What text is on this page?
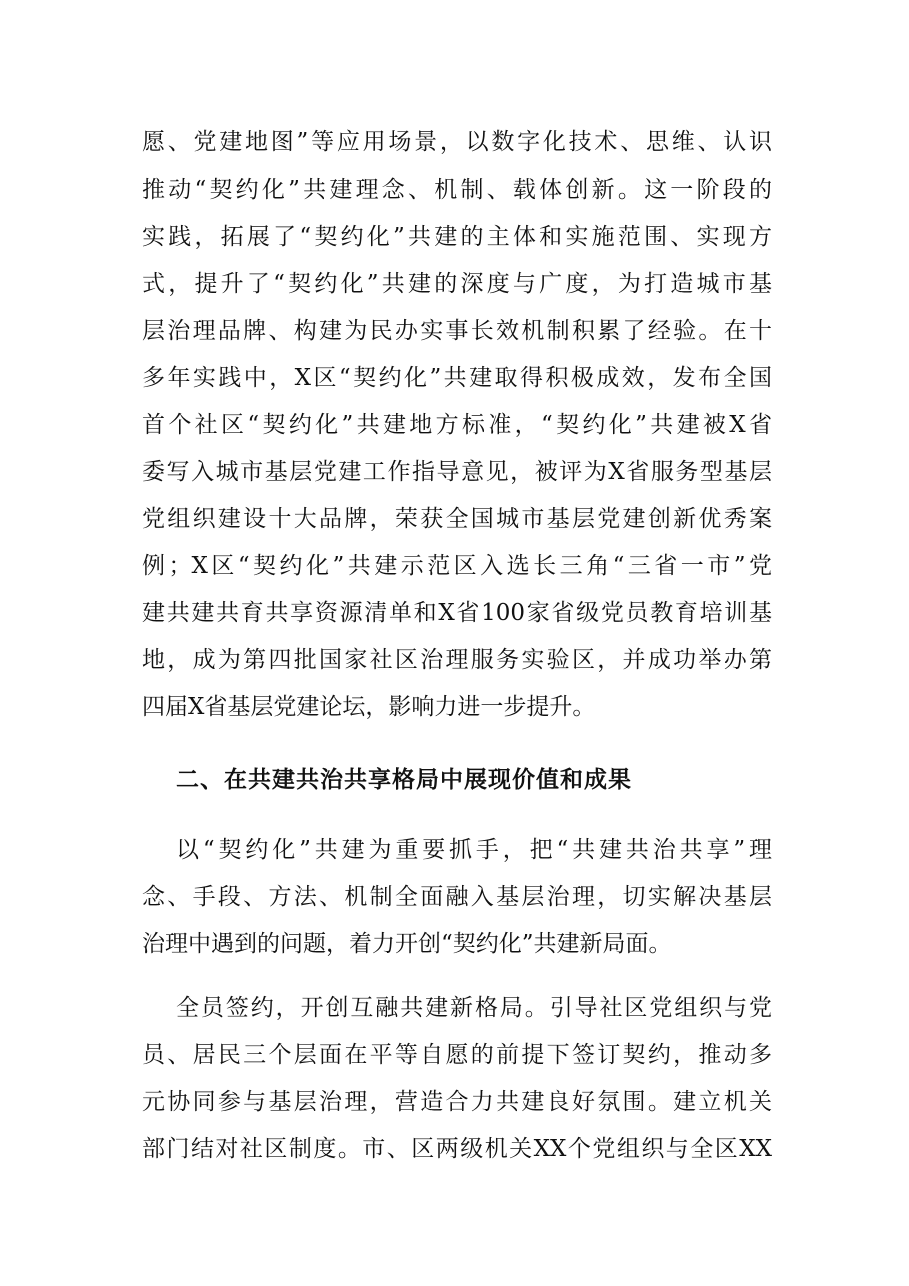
愿、党建地图”等应用场景，以数字化技术、思维、认识
推动“契约化”共建理念、机制、载体创新。这一阶段的
实践，拓展了“契约化”共建的主体和实施范围、实现方
式，提升了“契约化”共建的深度与广度，为打造城市基
层治理品牌、构建为民办实事长效机制积累了经验。在十
多年实践中，X区“契约化”共建取得积极成效，发布全国
首个社区“契约化”共建地方标准，“契约化”共建被X省
委写入城市基层党建工作指导意见，被评为X省服务型基层
党组织建设十大品牌，荣获全国城市基层党建创新优秀案
例；X区“契约化”共建示范区入选长三角“三省一市”党
建共建共育共享资源清单和X省100家省级党员教育培训基
地，成为第四批国家社区治理服务实验区，并成功举办第
四届X省基层党建论坛，影响力进一步提升。
二、在共建共治共享格局中展现价值和成果
以“契约化”共建为重要抓手，把“共建共治共享”理
念、手段、方法、机制全面融入基层治理，切实解决基层
治理中遇到的问题，着力开创“契约化”共建新局面。
全员签约，开创互融共建新格局。引导社区党组织与党
员、居民三个层面在平等自愿的前提下签订契约，推动多
元协同参与基层治理，营造合力共建良好氛围。建立机关
部门结对社区制度。市、区两级机关XX个党组织与全区XX
